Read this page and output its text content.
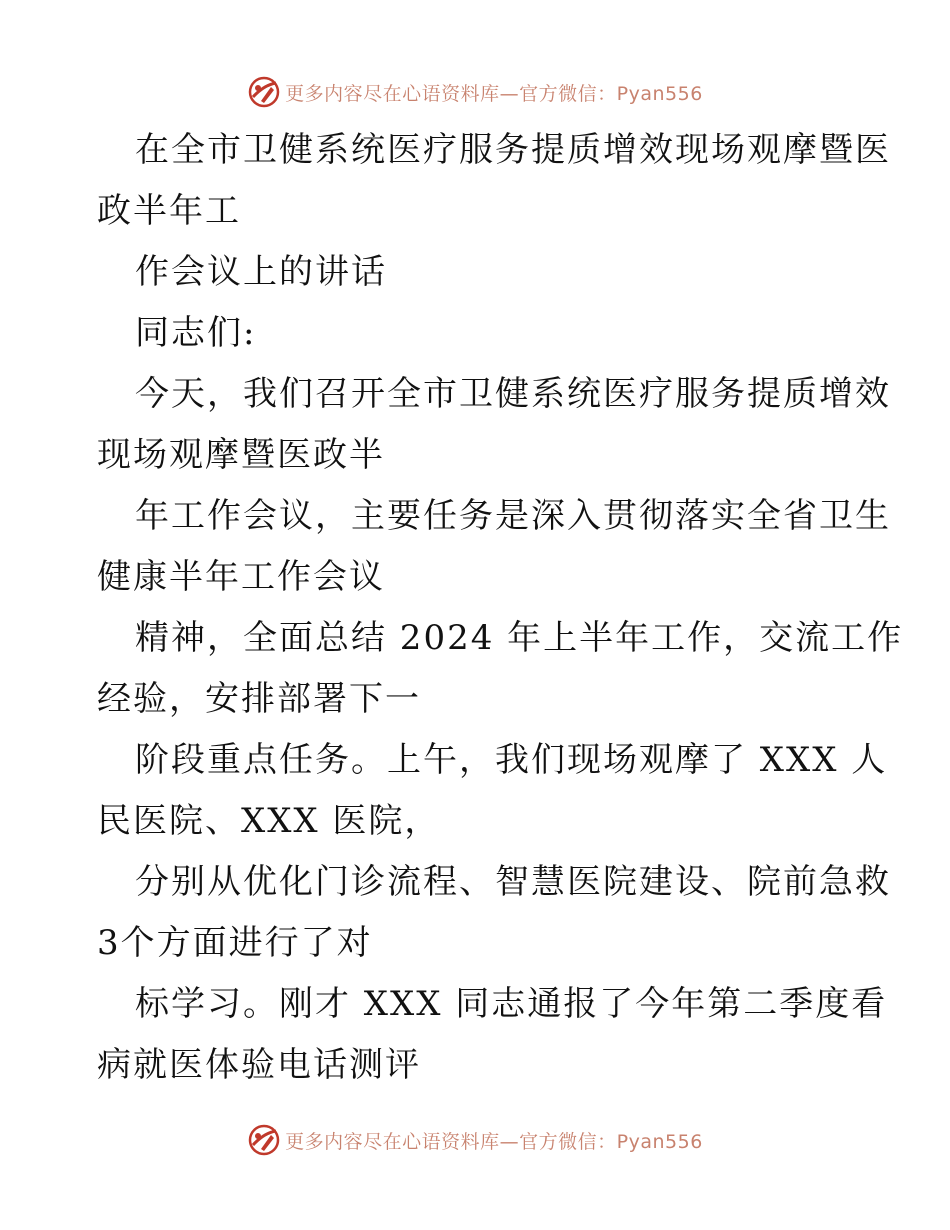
更多内容尽在心语资料库—官方微信：Pyan556
在全市卫健系统医疗服务提质增效现场观摩暨医
政半年工
作会议上的讲话
同志们:
今天，我们召开全市卫健系统医疗服务提质增效
现场观摩暨医政半
年工作会议，主要任务是深入贯彻落实全省卫生
健康半年工作会议
精神，全面总结 2024 年上半年工作，交流工作
经验，安排部署下一
阶段重点任务。上午，我们现场观摩了 XXX 人
民医院、XXX 医院，
分别从优化门诊流程、智慧医院建设、院前急救
3个方面进行了对
标学习。刚才 XXX 同志通报了今年第二季度看
病就医体验电话测评
更多内容尽在心语资料库—官方微信：Pyan556
